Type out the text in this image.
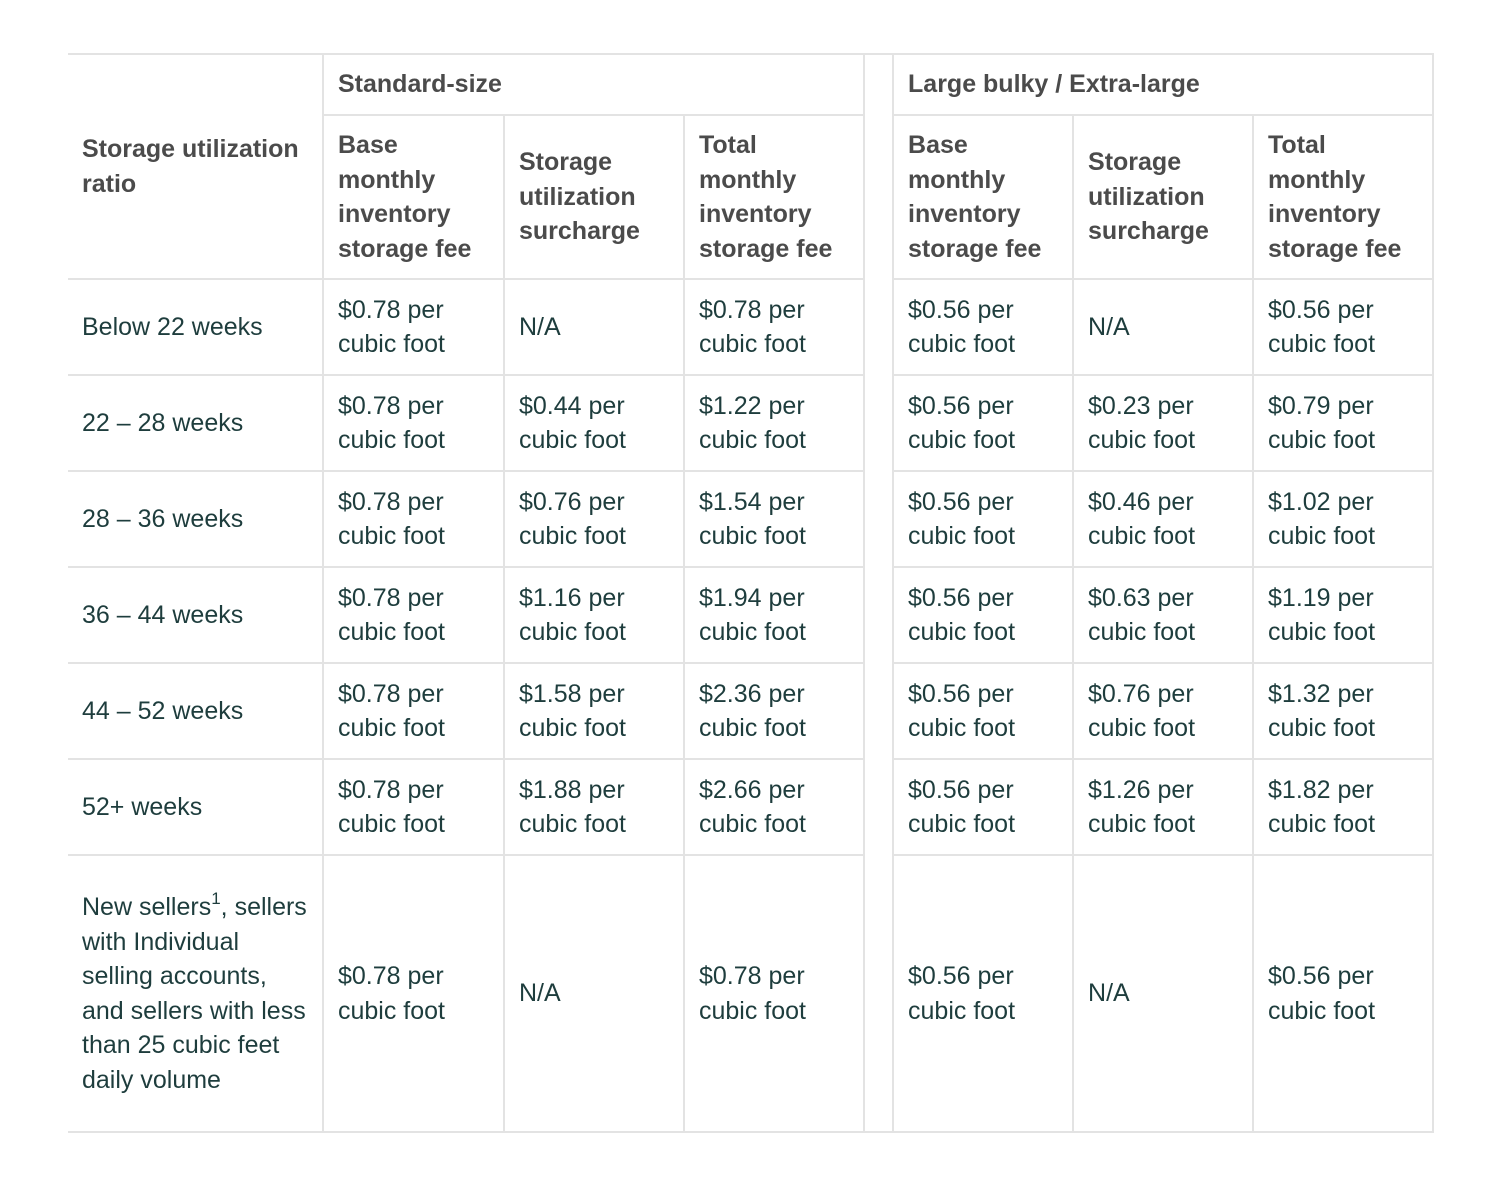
Storage utilization ratio	Standard-size				Large bulky / Extra-large		
	Base monthly inventory storage fee	Storage utilization surcharge	Total monthly inventory storage fee		Base monthly inventory storage fee	Storage utilization surcharge	Total monthly inventory storage fee
Below 22 weeks	$0.78 per cubic foot	N/A	$0.78 per cubic foot		$0.56 per cubic foot	N/A	$0.56 per cubic foot
22 – 28 weeks	$0.78 per cubic foot	$0.44 per cubic foot	$1.22 per cubic foot		$0.56 per cubic foot	$0.23 per cubic foot	$0.79 per cubic foot
28 – 36 weeks	$0.78 per cubic foot	$0.76 per cubic foot	$1.54 per cubic foot		$0.56 per cubic foot	$0.46 per cubic foot	$1.02 per cubic foot
36 – 44 weeks	$0.78 per cubic foot	$1.16 per cubic foot	$1.94 per cubic foot		$0.56 per cubic foot	$0.63 per cubic foot	$1.19 per cubic foot
44 – 52 weeks	$0.78 per cubic foot	$1.58 per cubic foot	$2.36 per cubic foot		$0.56 per cubic foot	$0.76 per cubic foot	$1.32 per cubic foot
52+ weeks	$0.78 per cubic foot	$1.88 per cubic foot	$2.66 per cubic foot		$0.56 per cubic foot	$1.26 per cubic foot	$1.82 per cubic foot
New sellers$^1$, sellers with Individual selling accounts, and sellers with less than 25 cubic feet daily volume	$0.78 per cubic foot	N/A	$0.78 per cubic foot		$0.56 per cubic foot	N/A	$0.56 per cubic foot
